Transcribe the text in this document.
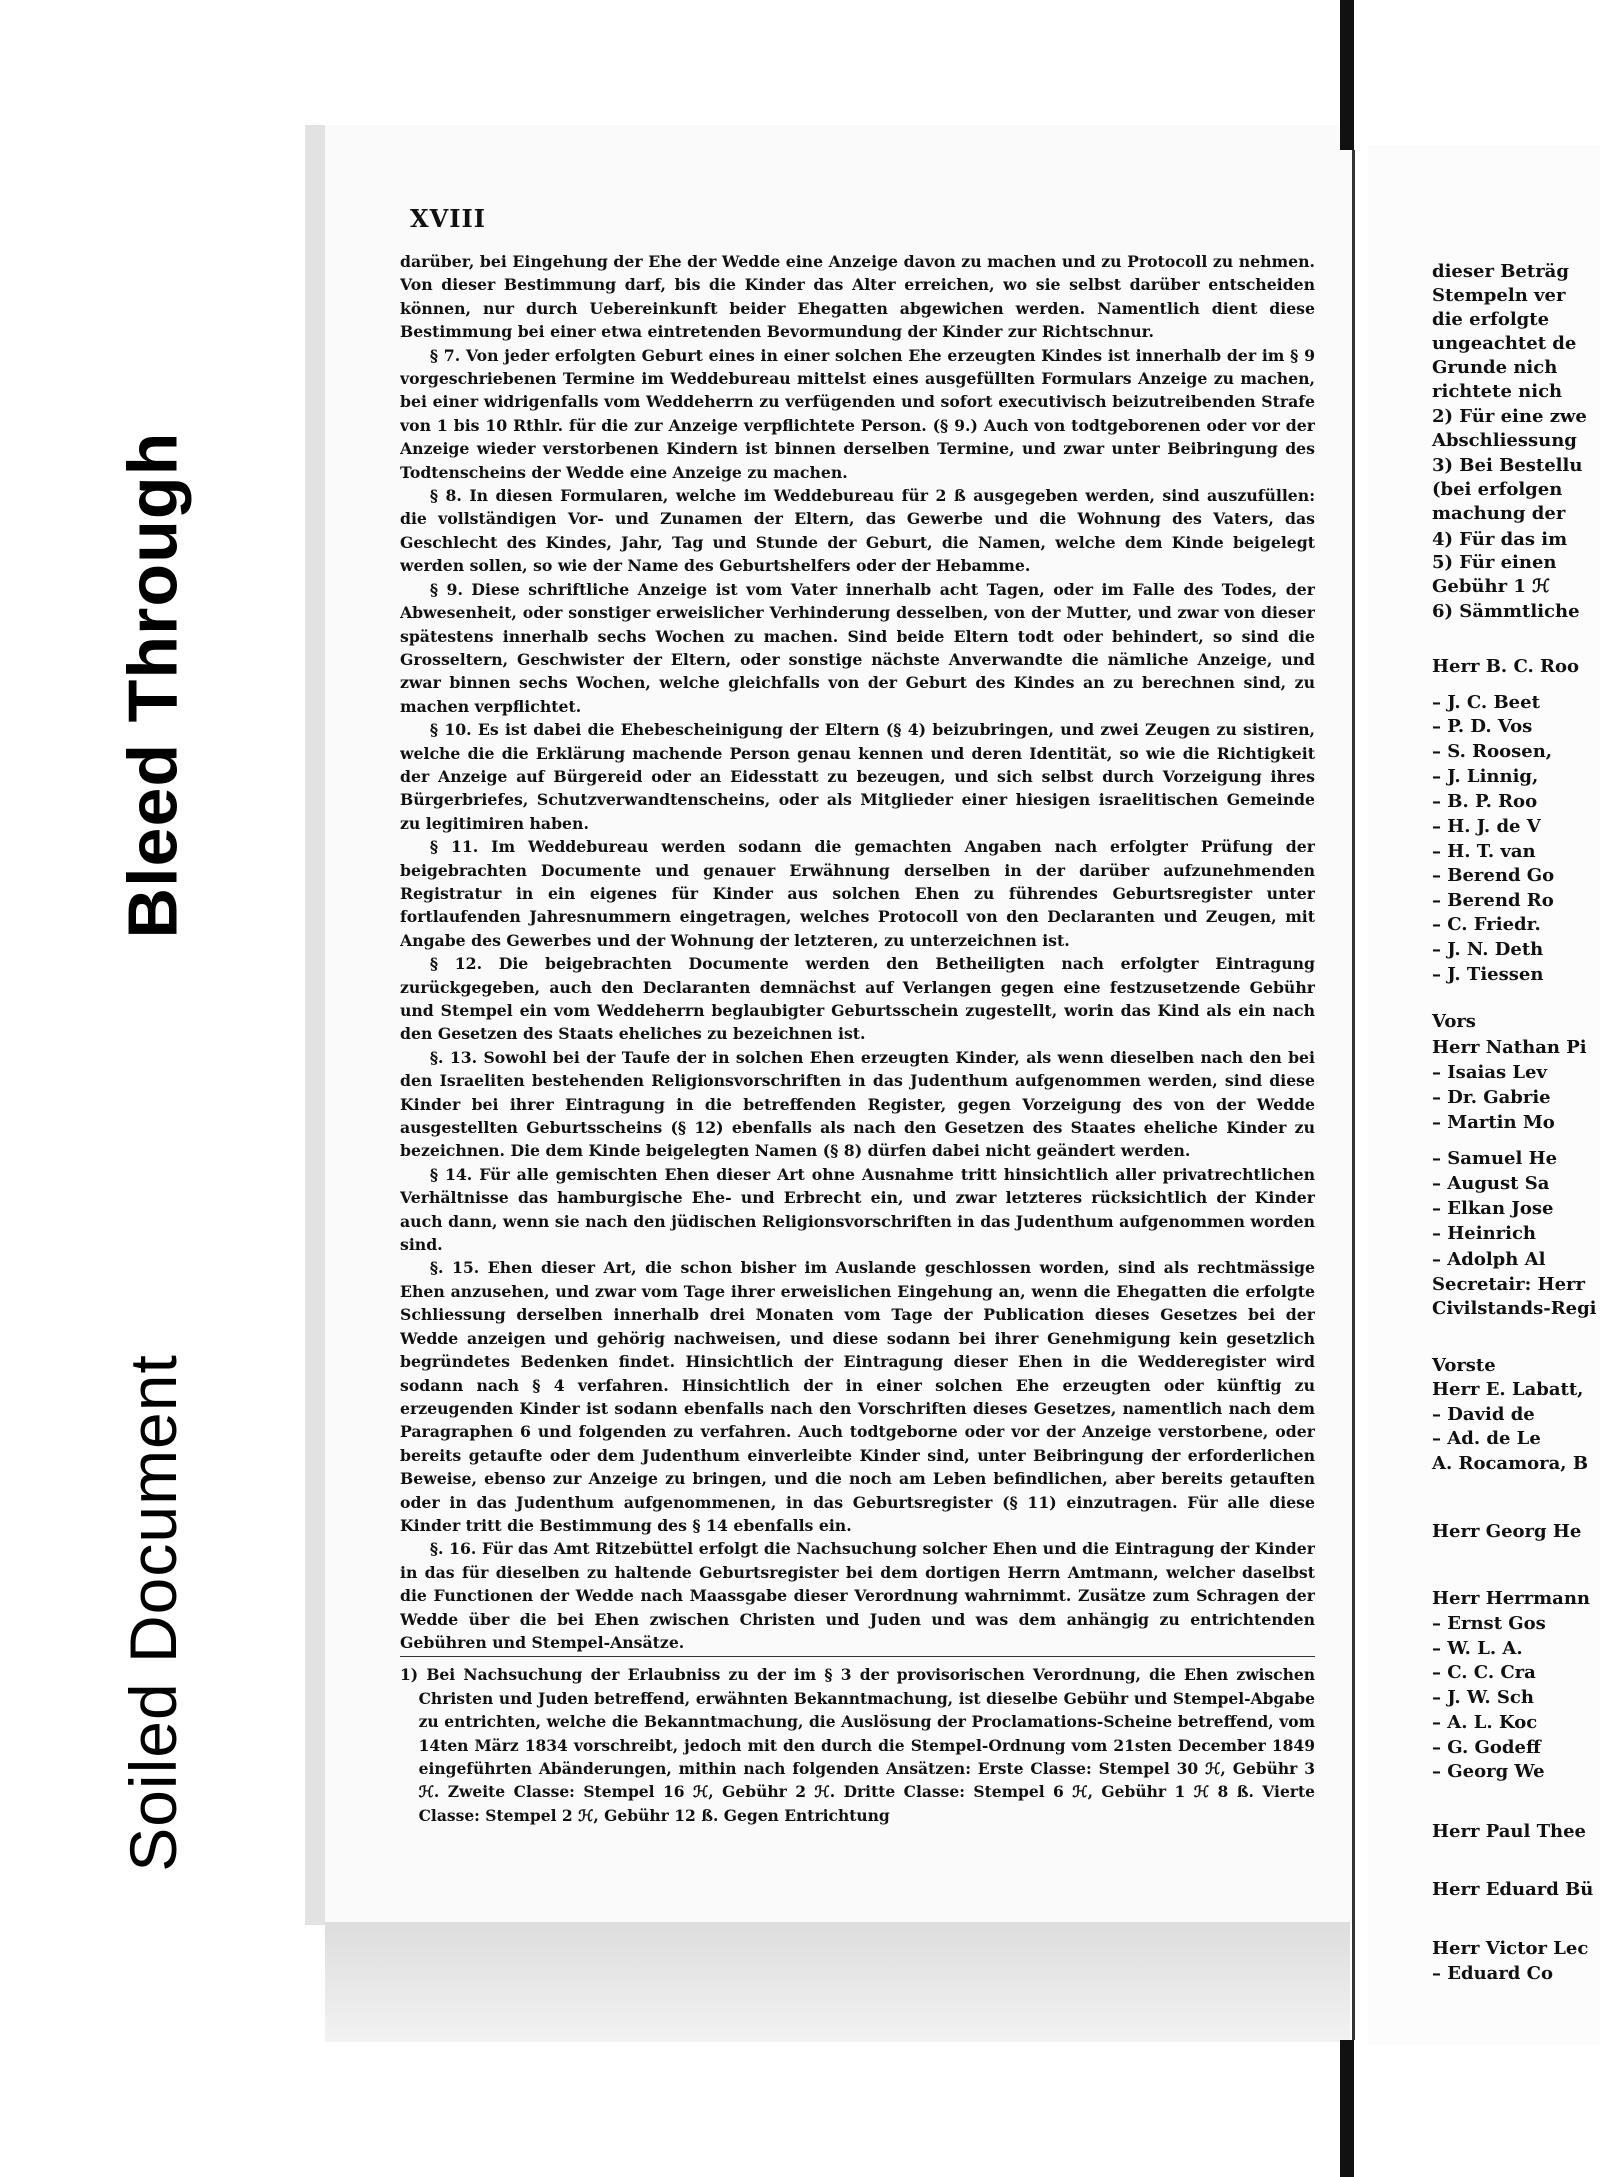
Bleed Through
Soiled Document
XVIII

darüber, bei Eingehung der Ehe der Wedde eine Anzeige davon zu machen und zu Protocoll zu nehmen. Von dieser Bestimmung darf, bis die Kinder das Alter erreichen, wo sie selbst darüber entscheiden können, nur durch Uebereinkunft beider Ehegatten abgewichen werden. Namentlich dient diese Bestimmung bei einer etwa eintretenden Bevormundung der Kinder zur Richtschnur.

§ 7. Von jeder erfolgten Geburt eines in einer solchen Ehe erzeugten Kindes ist innerhalb der im § 9 vorgeschriebenen Termine im Weddebureau mittelst eines ausgefüllten Formulars Anzeige zu machen, bei einer widrigenfalls vom Weddeherrn zu verfügenden und sofort executivisch beizutreibenden Strafe von 1 bis 10 Rthlr. für die zur Anzeige verpflichtete Person. (§ 9.) Auch von todtgeborenen oder vor der Anzeige wieder verstorbenen Kindern ist binnen derselben Termine, und zwar unter Beibringung des Todtenscheins der Wedde eine Anzeige zu machen.

§ 8. In diesen Formularen, welche im Weddebureau für 2 ß ausgegeben werden, sind auszufüllen: die vollständigen Vor- und Zunamen der Eltern, das Gewerbe und die Wohnung des Vaters, das Geschlecht des Kindes, Jahr, Tag und Stunde der Geburt, die Namen, welche dem Kinde beigelegt werden sollen, so wie der Name des Geburtshelfers oder der Hebamme.

§ 9. Diese schriftliche Anzeige ist vom Vater innerhalb acht Tagen, oder im Falle des Todes, der Abwesenheit, oder sonstiger erweislicher Verhinderung desselben, von der Mutter, und zwar von dieser spätestens innerhalb sechs Wochen zu machen. Sind beide Eltern todt oder behindert, so sind die Grosseltern, Geschwister der Eltern, oder sonstige nächste Anverwandte die nämliche Anzeige, und zwar binnen sechs Wochen, welche gleichfalls von der Geburt des Kindes an zu berechnen sind, zu machen verpflichtet.

§ 10. Es ist dabei die Ehebescheinigung der Eltern (§ 4) beizubringen, und zwei Zeugen zu sistiren, welche die die Erklärung machende Person genau kennen und deren Identität, so wie die Richtigkeit der Anzeige auf Bürgereid oder an Eidesstatt zu bezeugen, und sich selbst durch Vorzeigung ihres Bürgerbriefes, Schutzverwandtenscheins, oder als Mitglieder einer hiesigen israelitischen Gemeinde zu legitimiren haben.

§ 11. Im Weddebureau werden sodann die gemachten Angaben nach erfolgter Prüfung der beigebrachten Documente und genauer Erwähnung derselben in der darüber aufzunehmenden Registratur in ein eigenes für Kinder aus solchen Ehen zu führendes Geburtsregister unter fortlaufenden Jahresnummern eingetragen, welches Protocoll von den Declaranten und Zeugen, mit Angabe des Gewerbes und der Wohnung der letzteren, zu unterzeichnen ist.

§ 12. Die beigebrachten Documente werden den Betheiligten nach erfolgter Eintragung zurückgegeben, auch den Declaranten demnächst auf Verlangen gegen eine festzusetzende Gebühr und Stempel ein vom Weddeherrn beglaubigter Geburtsschein zugestellt, worin das Kind als ein nach den Gesetzen des Staats eheliches zu bezeichnen ist.

§. 13. Sowohl bei der Taufe der in solchen Ehen erzeugten Kinder, als wenn dieselben nach den bei den Israeliten bestehenden Religionsvorschriften in das Judenthum aufgenommen werden, sind diese Kinder bei ihrer Eintragung in die betreffenden Register, gegen Vorzeigung des von der Wedde ausgestellten Geburtsscheins (§ 12) ebenfalls als nach den Gesetzen des Staates eheliche Kinder zu bezeichnen. Die dem Kinde beigelegten Namen (§ 8) dürfen dabei nicht geändert werden.

§ 14. Für alle gemischten Ehen dieser Art ohne Ausnahme tritt hinsichtlich aller privatrechtlichen Verhältnisse das hamburgische Ehe- und Erbrecht ein, und zwar letzteres rücksichtlich der Kinder auch dann, wenn sie nach den jüdischen Religionsvorschriften in das Judenthum aufgenommen worden sind.

§. 15. Ehen dieser Art, die schon bisher im Auslande geschlossen worden, sind als rechtmässige Ehen anzusehen, und zwar vom Tage ihrer erweislichen Eingehung an, wenn die Ehegatten die erfolgte Schliessung derselben innerhalb drei Monaten vom Tage der Publication dieses Gesetzes bei der Wedde anzeigen und gehörig nachweisen, und diese sodann bei ihrer Genehmigung kein gesetzlich begründetes Bedenken findet. Hinsichtlich der Eintragung dieser Ehen in die Wedderegister wird sodann nach § 4 verfahren. Hinsichtlich der in einer solchen Ehe erzeugten oder künftig zu erzeugenden Kinder ist sodann ebenfalls nach den Vorschriften dieses Gesetzes, namentlich nach dem Paragraphen 6 und folgenden zu verfahren. Auch todtgeborne oder vor der Anzeige verstorbene, oder bereits getaufte oder dem Judenthum einverleibte Kinder sind, unter Beibringung der erforderlichen Beweise, ebenso zur Anzeige zu bringen, und die noch am Leben befindlichen, aber bereits getauften oder in das Judenthum aufgenommenen, in das Geburtsregister (§ 11) einzutragen. Für alle diese Kinder tritt die Bestimmung des § 14 ebenfalls ein.

§. 16. Für das Amt Ritzebüttel erfolgt die Nachsuchung solcher Ehen und die Eintragung der Kinder in das für dieselben zu haltende Geburtsregister bei dem dortigen Herrn Amtmann, welcher daselbst die Functionen der Wedde nach Maassgabe dieser Verordnung wahrnimmt. Zusätze zum Schragen der Wedde über die bei Ehen zwischen Christen und Juden und was dem anhängig zu entrichtenden Gebühren und Stempel-Ansätze.

1) Bei Nachsuchung der Erlaubniss zu der im § 3 der provisorischen Verordnung, die Ehen zwischen Christen und Juden betreffend, erwähnten Bekanntmachung, ist dieselbe Gebühr und Stempel-Abgabe zu entrichten, welche die Bekanntmachung, die Auslösung der Proclamations-Scheine betreffend, vom 14ten März 1834 vorschreibt, jedoch mit den durch die Stempel-Ordnung vom 21sten December 1849 eingeführten Abänderungen, mithin nach folgenden Ansätzen: Erste Classe: Stempel 30 ℋ, Gebühr 3 ℋ. Zweite Classe: Stempel 16 ℋ, Gebühr 2 ℋ. Dritte Classe: Stempel 6 ℋ, Gebühr 1 ℋ 8 ß. Vierte Classe: Stempel 2 ℋ, Gebühr 12 ß. Gegen Entrichtung

dieser Beträg
Stempeln ver
die erfolgte
ungeachtet de
Grunde nich
richtete nich
2) Für eine zwe
Abschliessung
3) Bei Bestellu
(bei erfolgen
machung der
4) Für das im
5) Für einen
Gebühr 1 ℋ
6) Sämmtliche
Herr B. C. Roo
– J. C. Beet
– P. D. Vos
– S. Roosen,
– J. Linnig,
– B. P. Roo
– H. J. de V
– H. T. van
– Berend Go
– Berend Ro
– C. Friedr.
– J. N. Deth
– J. Tiessen
Vors
Herr Nathan Pi
– Isaias Lev
– Dr. Gabrie
– Martin Mo
– Samuel He
– August Sa
– Elkan Jose
– Heinrich
– Adolph Al
Secretair: Herr
Civilstands-Regi
Vorste
Herr E. Labatt,
– David de
– Ad. de Le
A. Rocamora, B
Herr Georg He
Herr Herrmann
– Ernst Gos
– W. L. A.
– C. C. Cra
– J. W. Sch
– A. L. Koc
– G. Godeff
– Georg We
Herr Paul Thee
Herr Eduard Bü
Herr Victor Lec
– Eduard Co
